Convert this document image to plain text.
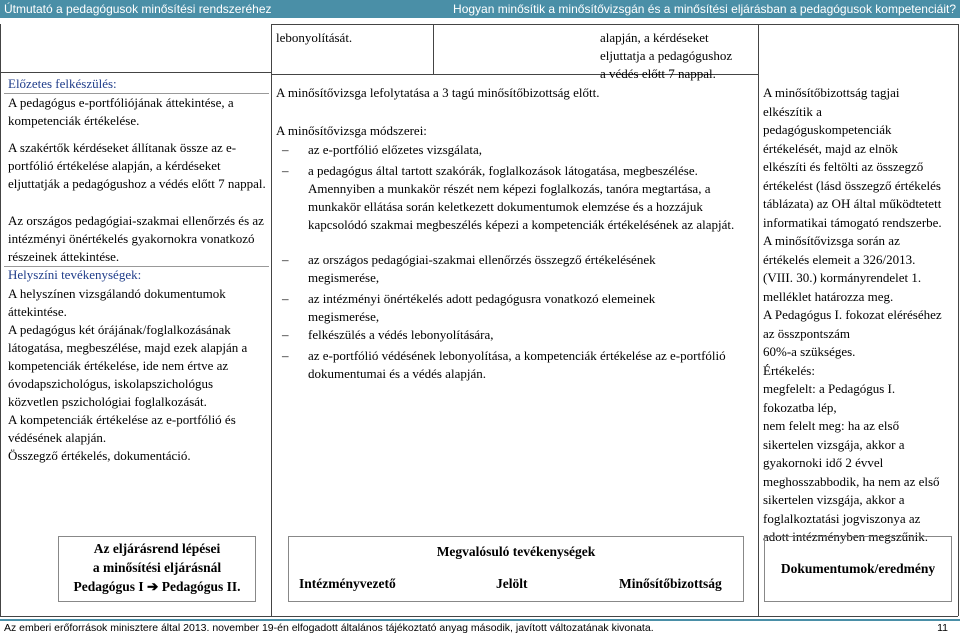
Útmutató a pedagógusok minősítési rendszeréhez	Hogyan minősítik a minősítővizsgán és a minősítési eljárásban a pedagógusok kompetenciáit?
Előzetes felkészülés:
A pedagógus e-portfóliójának áttekintése, a kompetenciák értékelése.
A szakértők kérdéseket állítanak össze az e-portfólió értékelése alapján, a kérdéseket eljuttatják a pedagógushoz a védés előtt 7 nappal.
Az országos pedagógiai-szakmai ellenőrzés és az intézményi önértékelés gyakornokra vonatkozó részeinek áttekintése.
Helyszíni tevékenységek:
A helyszínen vizsgálandó dokumentumok áttekintése.
A pedagógus két órájának/foglalkozásának látogatása, megbeszélése, majd ezek alapján a kompetenciák értékelése, ide nem értve az óvodapszichológus, iskolapszichológus közvetlen pszichológiai foglalkozását.
A kompetenciák értékelése az e-portfólió és védésének alapján.
Összegző értékelés, dokumentáció.
lebonyolítását.	alapján, a kérdéseket
eljuttatja a pedagógushoz
a védés előtt 7 nappal.
A minősítővizsga lefolytatása a 3 tagú minősítőbizottság előtt.
A minősítővizsga módszerei:
– az e-portfólió előzetes vizsgálata,
– a pedagógus által tartott szakórák, foglalkozások látogatása, megbeszélése.
Amennyiben a munkakör részét nem képezi foglalkozás, tanóra megtartása, a munkakör ellátása során keletkezett dokumentumok elemzése és a hozzájuk kapcsolódó szakmai megbeszélés képezi a kompetenciák értékelésének az alapját.
– az országos pedagógiai-szakmai ellenőrzés összegző értékelésének megismerése,
– az intézményi önértékelés adott pedagógusra vonatkozó elemeinek megismerése,
– felkészülés a védés lebonyolítására,
– az e-portfólió védésének lebonyolítása, a kompetenciák értékelése az e-portfólió dokumentumai és a védés alapján.
A minősítőbizottság tagjai
elkészítik a
pedagóguskompetenciák
értékelését, majd az elnök
elkészíti és feltölti az összegző
értékelést (lásd összegző értékelés
táblázata) az OH által működtetett
informatikai támogató rendszerbe.
A minősítővizsga során az
értékelés elemeit a 326/2013.
(VIII. 30.) kormányrendelet 1.
melléklet határozza meg.
A Pedagógus I. fokozat eléréséhez
az összpontszám
60%-a szükséges.
Értékelés:
megfelelt: a Pedagógus I.
fokozatba lép,
nem felelt meg: ha az első
sikertelen vizsgája, akkor a
gyakornoki idő 2 évvel
meghosszabbodik, ha nem az első
sikertelen vizsgája, akkor a
foglalkoztatási jogviszonya az
adott intézményben megszűnik.
Az eljárásrend lépései
a minősítési eljárásnál
Pedagógus I ➔ Pedagógus II.
Megvalósuló tevékenységek
Intézményvezető	Jelölt	Minősítőbizottság
Dokumentumok/eredmény
Az emberi erőforrások minisztere által 2013. november 19-én elfogadott általános tájékoztató anyag második, javított változatának kivonata.	11
